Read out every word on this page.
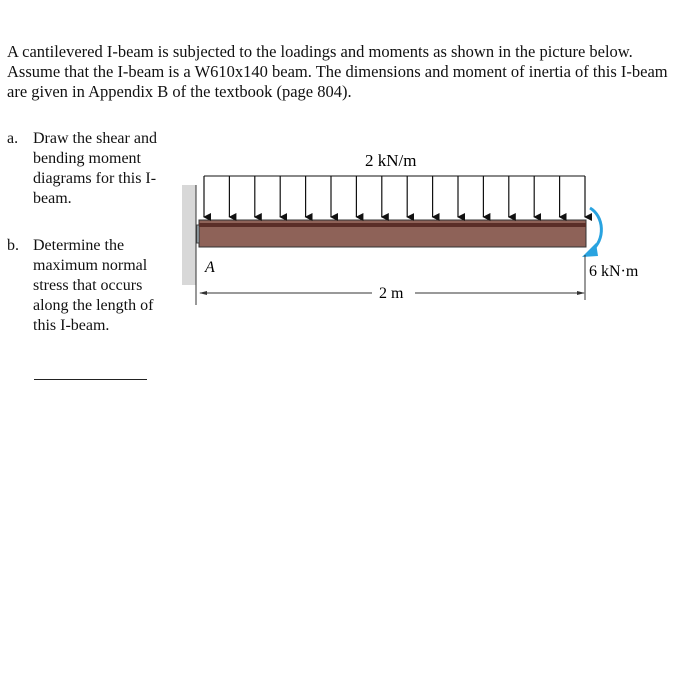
A cantilevered I-beam is subjected to the loadings and moments as shown in the picture below. Assume that the I-beam is a W610x140 beam. The dimensions and moment of inertia of this I-beam are given in Appendix B of the textbook (page 804).
a. Draw the shear and bending moment diagrams for this I-beam.
b. Determine the maximum normal stress that occurs along the length of this I-beam.
2 kN/m
6 kN·m
A
2 m
